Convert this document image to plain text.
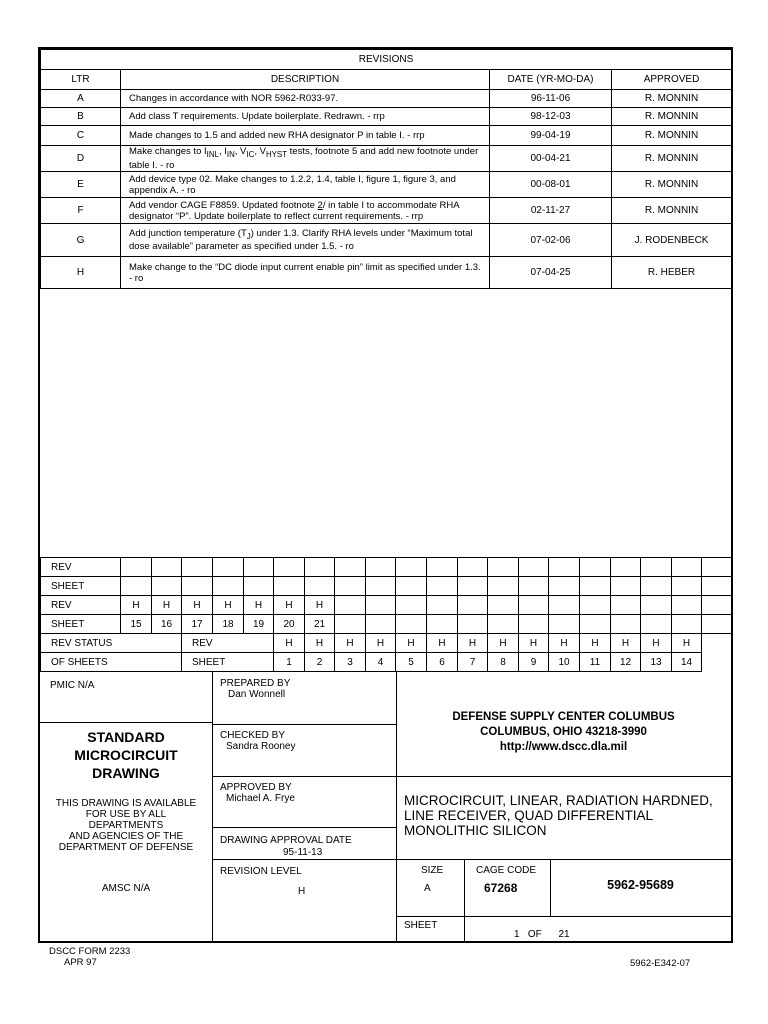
REVISIONS			
LTR	DESCRIPTION	DATE (YR-MO-DA)	APPROVED
A	Changes in accordance with NOR 5962-R033-97.	96-11-06	R. MONNIN
B	Add class T requirements. Update boilerplate. Redrawn. - rrp	98-12-03	R. MONNIN
C	Made changes to 1.5 and added new RHA designator P in table I. - rrp	99-04-19	R. MONNIN
D	Make changes to $I_{INL}$, $I_{IN}$, $V_{IC}$, $V_{HYST}$ tests, footnote 5 and add new footnote under table I. - ro	00-04-21	R. MONNIN
E	Add device type 02. Make changes to 1.2.2, 1.4, table I, figure 1, figure 3, and appendix A. - ro	00-08-01	R. MONNIN
F	Add vendor CAGE F8859. Updated footnote 2/ in table I to accommodate RHA designator “P”. Update boilerplate to reflect current requirements. - rrp	02-11-27	R. MONNIN
G	Add junction temperature $(T_J)$ under 1.3. Clarify RHA levels under “Maximum total dose available” parameter as specified under 1.5. - ro	07-02-06	J. RODENBECK
H	Make change to the “DC diode input current enable pin” limit as specified under 1.3. - ro	07-04-25	R. HEBER
REV																				
SHEET																				
REV	H	H	H	H	H	H	H													
SHEET	15	16	17	18	19	20	21													
REV STATUS			REV			H	H	H	H	H	H	H	H	H	H	H	H	H	H	
OF SHEETS			SHEET			1	2	3	4	5	6	7	8	9	10	11	12	13	14	
PMIC N/A
STANDARD
MICROCIRCUIT
DRAWING
THIS DRAWING IS AVAILABLE
FOR USE BY ALL
DEPARTMENTS
AND AGENCIES OF THE
DEPARTMENT OF DEFENSE
AMSC N/A
PREPARED BY
Dan Wonnell
CHECKED BY
Sandra Rooney
APPROVED BY
Michael A. Frye
DRAWING APPROVAL DATE
95-11-13
REVISION LEVEL
H
DEFENSE SUPPLY CENTER COLUMBUS
COLUMBUS, OHIO 43218-3990
http://www.dscc.dla.mil
MICROCIRCUIT, LINEAR, RADIATION HARDNED,
LINE RECEIVER, QUAD DIFFERENTIAL
MONOLITHIC SILICON
SIZE
A
CAGE CODE
67268	5962-95689
SHEET
1 OF 21
DSCC FORM 2233
APR 97	5962-E342-07
